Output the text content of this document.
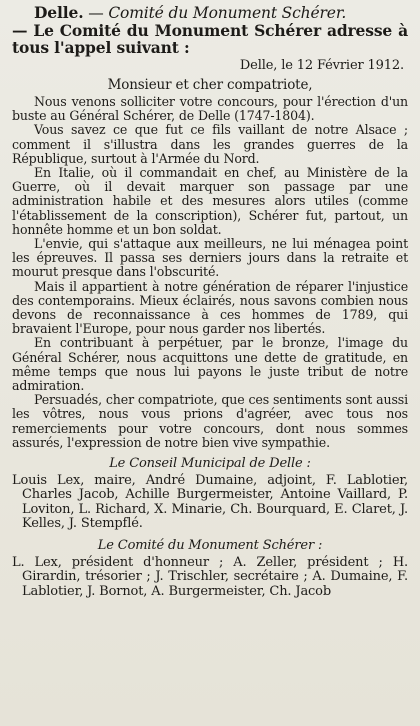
Delle. — Comité du Monument Schérer.

— Le Comité du Monument Schérer adresse à tous l'appel suivant :

Delle, le 12 Février 1912.

Monsieur et cher compatriote,

Nous venons solliciter votre concours, pour l'érection d'un buste au Général Schérer, de Delle (1747-1804).

Vous savez ce que fut ce fils vaillant de notre Alsace ; comment il s'illustra dans les grandes guerres de la République, surtout à l'Armée du Nord.

En Italie, où il commandait en chef, au Ministère de la Guerre, où il devait marquer son passage par une administration habile et des mesures alors utiles (comme l'établissement de la conscription), Schérer fut, partout, un honnête homme et un bon soldat.

L'envie, qui s'attaque aux meilleurs, ne lui ménagea point les épreuves. Il passa ses derniers jours dans la retraite et mourut presque dans l'obscurité.

Mais il appartient à notre génération de réparer l'injustice des contemporains. Mieux éclairés, nous savons combien nous devons de reconnaissance à ces hommes de 1789, qui bravaient l'Europe, pour nous garder nos libertés.

En contribuant à perpétuer, par le bronze, l'image du Général Schérer, nous acquittons une dette de gratitude, en même temps que nous lui payons le juste tribut de notre admiration.

Persuadés, cher compatriote, que ces sentiments sont aussi les vôtres, nous vous prions d'agréer, avec tous nos remerciements pour votre concours, dont nous sommes assurés, l'expression de notre bien vive sympathie.

Le Conseil Municipal de Delle :

Louis Lex, maire, André Dumaine, adjoint, F. Lablotier, Charles Jacob, Achille Burgermeister, Antoine Vaillard, P. Loviton, L. Richard, X. Minarie, Ch. Bourquard, E. Claret, J. Kelles, J. Stempflé.

Le Comité du Monument Schérer :

L. Lex, président d'honneur ; A. Zeller, président ; H. Girardin, trésorier ; J. Trischler, secrétaire ; A. Dumaine, F. Lablotier, J. Bornot, A. Burgermeister, Ch. Jacob
